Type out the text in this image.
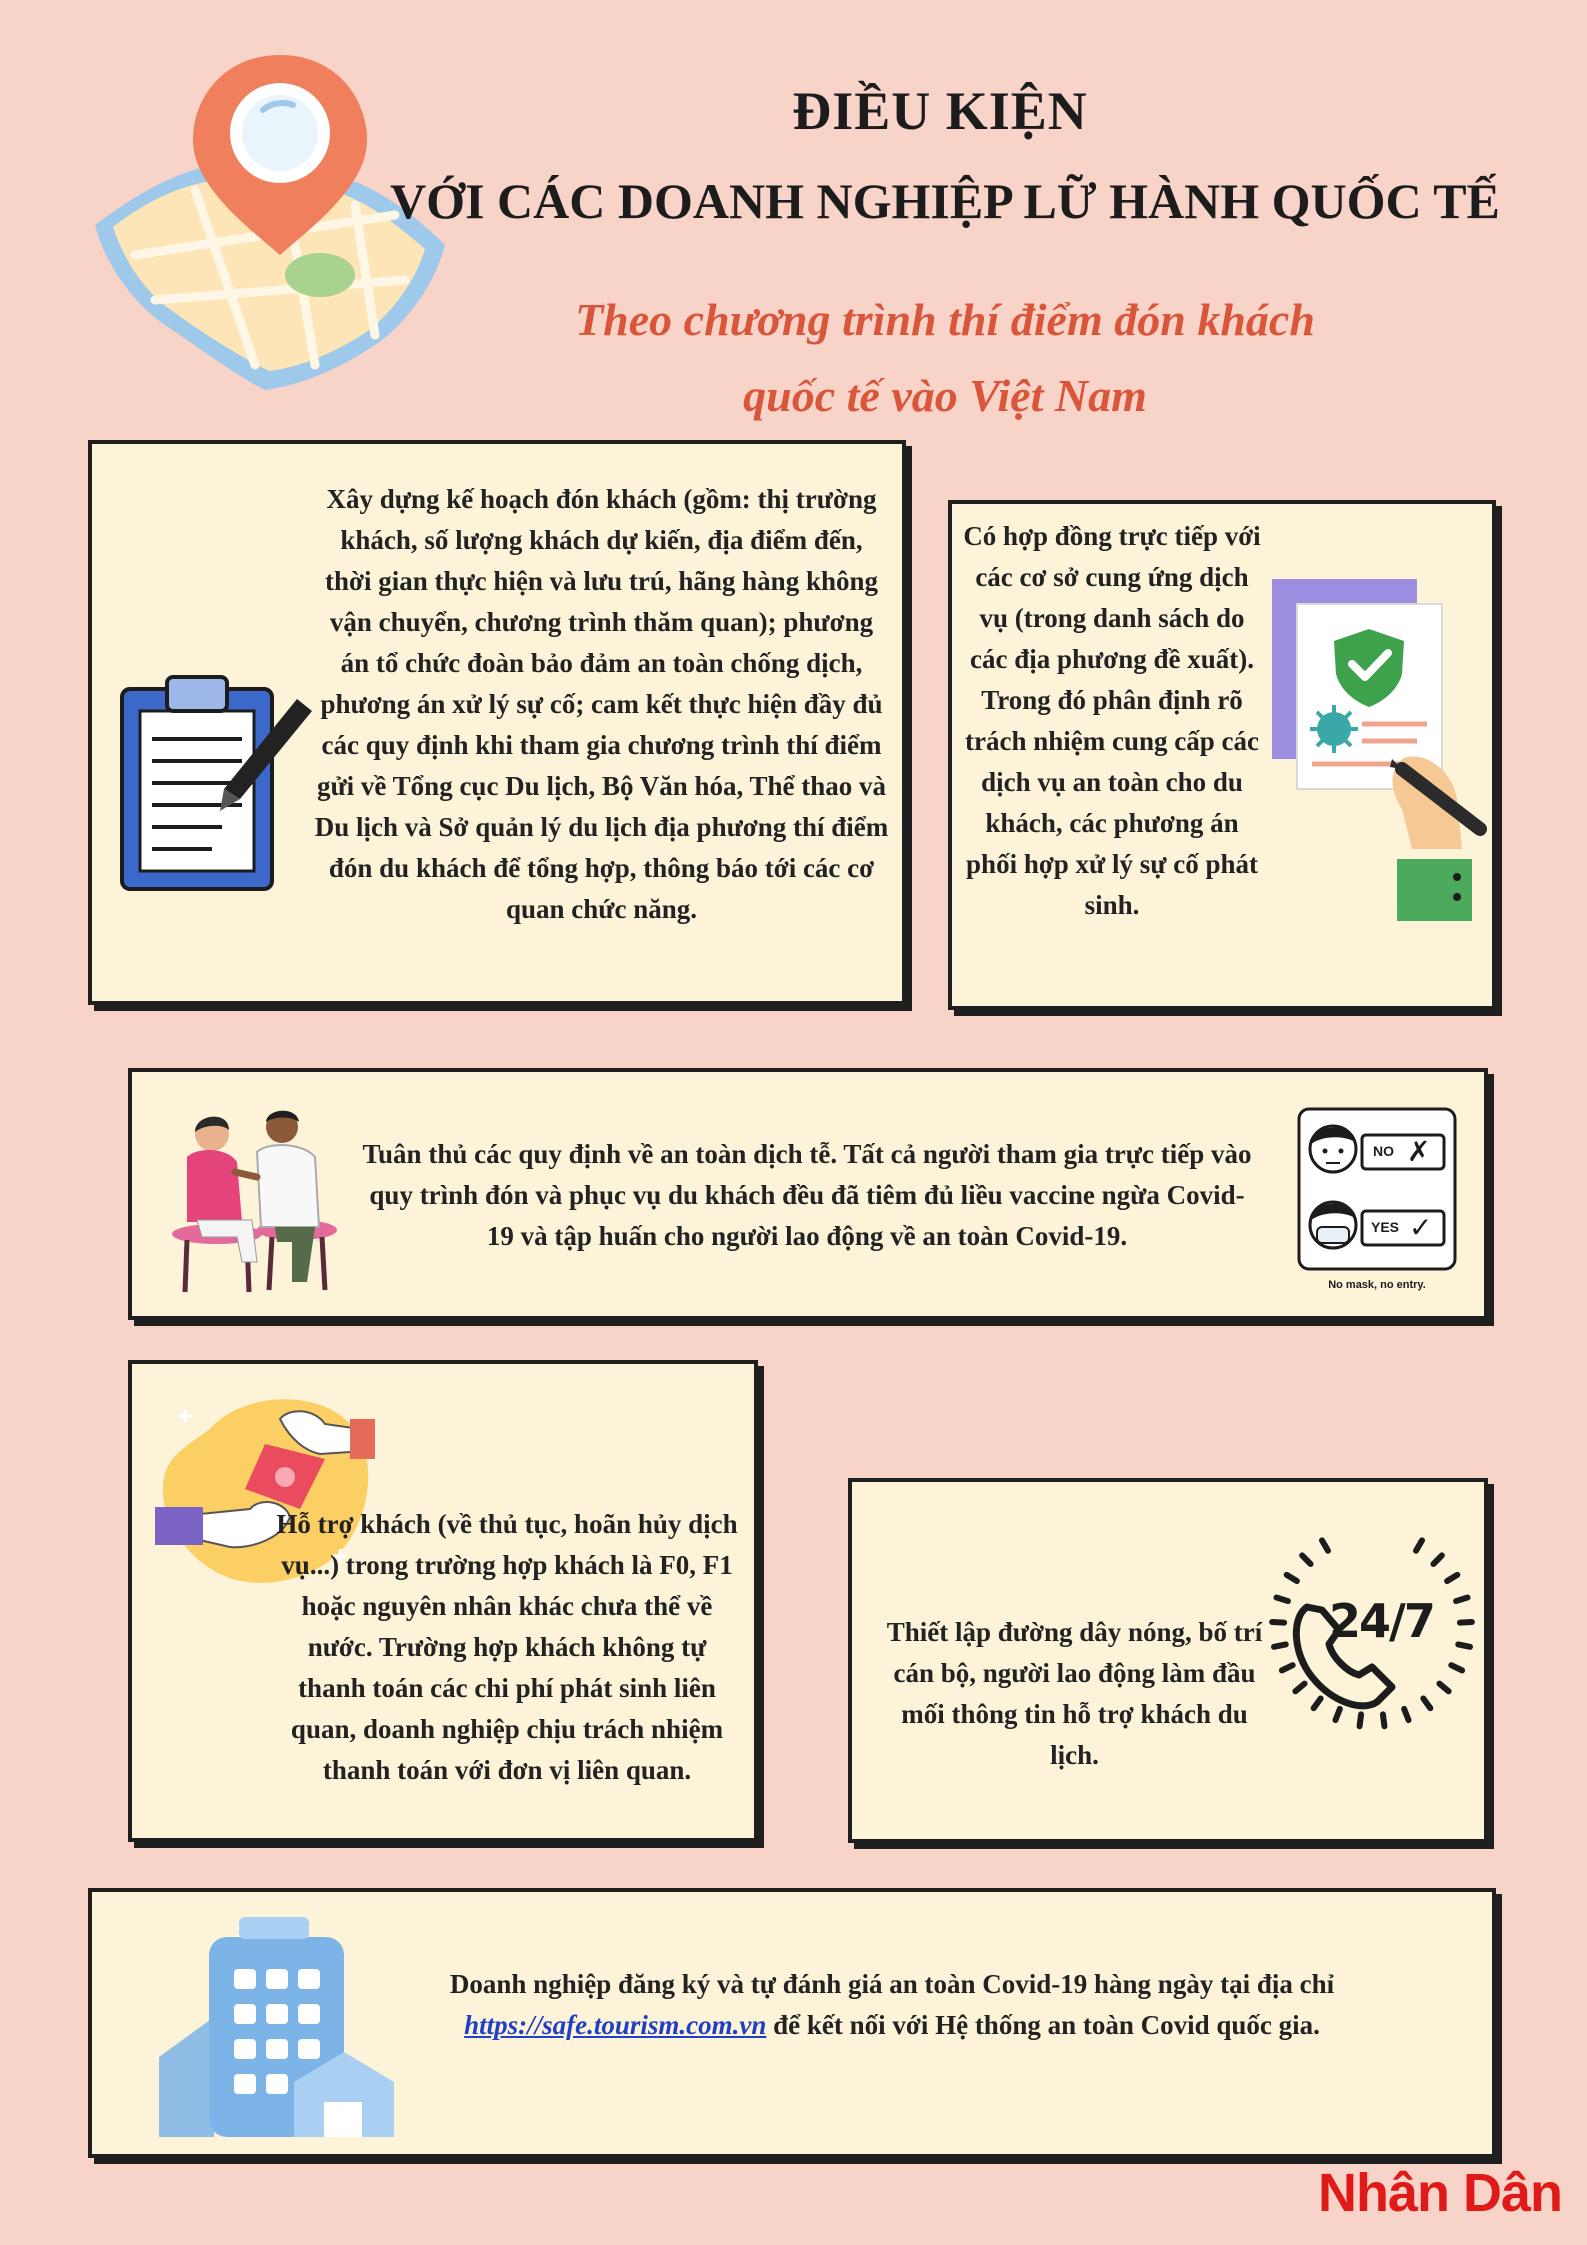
ĐIỀU KIỆN
VỚI CÁC DOANH NGHIỆP LỮ HÀNH QUỐC TẾ
Theo chương trình thí điểm đón khách
quốc tế vào Việt Nam
Xây dựng kế hoạch đón khách (gồm: thị trường khách, số lượng khách dự kiến, địa điểm đến, thời gian thực hiện và lưu trú, hãng hàng không vận chuyển, chương trình thăm quan); phương án tổ chức đoàn bảo đảm an toàn chống dịch, phương án xử lý sự cố; cam kết thực hiện đầy đủ các quy định khi tham gia chương trình thí điểm gửi về Tổng cục Du lịch, Bộ Văn hóa, Thể thao và Du lịch và Sở quản lý du lịch địa phương thí điểm đón du khách để tổng hợp, thông báo tới các cơ quan chức năng.
Có hợp đồng trực tiếp với các cơ sở cung ứng dịch vụ (trong danh sách do các địa phương đề xuất). Trong đó phân định rõ trách nhiệm cung cấp các dịch vụ an toàn cho du khách, các phương án phối hợp xử lý sự cố phát sinh.
Tuân thủ các quy định về an toàn dịch tễ. Tất cả người tham gia trực tiếp vào quy trình đón và phục vụ du khách đều đã tiêm đủ liều vaccine ngừa Covid-19 và tập huấn cho người lao động về an toàn Covid-19.
NO ✗
YES ✓
No mask, no entry.
Hỗ trợ khách (về thủ tục, hoãn hủy dịch vụ...) trong trường hợp khách là F0, F1 hoặc nguyên nhân khác chưa thể về nước. Trường hợp khách không tự thanh toán các chi phí phát sinh liên quan, doanh nghiệp chịu trách nhiệm thanh toán với đơn vị liên quan.
Thiết lập đường dây nóng, bố trí cán bộ, người lao động làm đầu mối thông tin hỗ trợ khách du lịch.
24/7
Doanh nghiệp đăng ký và tự đánh giá an toàn Covid-19 hàng ngày tại địa chỉ https://safe.tourism.com.vn để kết nối với Hệ thống an toàn Covid quốc gia.
Nhân Dân
